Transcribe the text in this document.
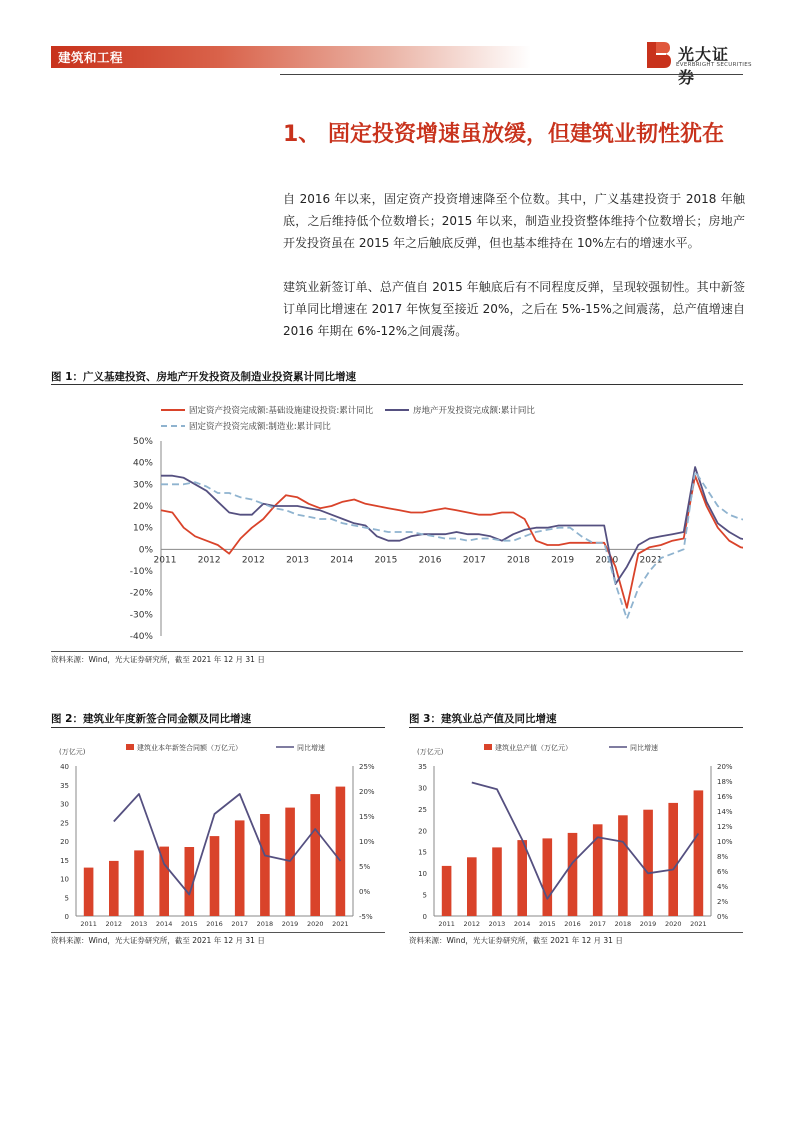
建筑和工程	光大证券
EVERBRIGHT SECURITIES
1、 固定投资增速虽放缓，但建筑业韧性犹在

自 2016 年以来，固定资产投资增速降至个位数。其中，广义基建投资于 2018 年触底，之后维持低个位数增长；2015 年以来，制造业投资整体维持个位数增长；房地产开发投资虽在 2015 年之后触底反弹，但也基本维持在 10%左右的增速水平。

建筑业新签订单、总产值自 2015 年触底后有不同程度反弹，呈现较强韧性。其中新签订单同比增速在 2017 年恢复至接近 20%，之后在 5%-15%之间震荡，总产值增速自 2016 年期在 6%-12%之间震荡。

图 1：广义基建投资、房地产开发投资及制造业投资累计同比增速
固定资产投资完成额:基础设施建设投资:累计同比	房地产开发投资完成额:累计同比
固定资产投资完成额:制造业:累计同比
50%
40%
30%
20%
10%
0%
-10%
-20%
-30%
-40%
2011 2012 2012 2013 2014 2015 2016 2017 2018 2019 2020 2021
资料来源：Wind，光大证券研究所，截至 2021 年 12 月 31 日
图 2：建筑业年度新签合同金额及同比增速
(万亿元)	建筑业本年新签合同额（万亿元）	同比增速
40
35
30
25
20
15
10
5
0
25%
20%
15%
10%
5%
0%
-5%
2011 2012 2013 2014 2015 2016 2017 2018 2019 2020 2021
资料来源：Wind，光大证券研究所，截至 2021 年 12 月 31 日
图 3：建筑业总产值及同比增速
(万亿元)	建筑业总产值（万亿元）	同比增速
35
30
25
20
15
10
5
0
20%
18%
16%
14%
12%
10%
8%
6%
4%
2%
0%
2011 2012 2013 2014 2015 2016 2017 2018 2019 2020 2021
资料来源：Wind，光大证券研究所，截至 2021 年 12 月 31 日
